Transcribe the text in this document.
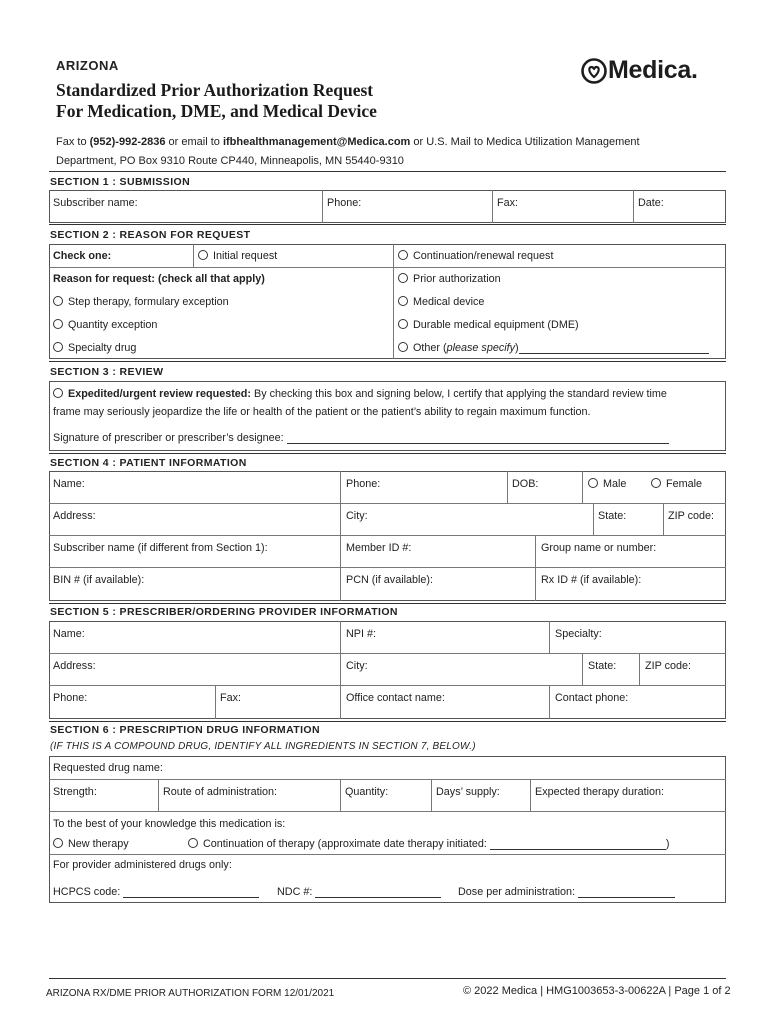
ARIZONA
Standardized Prior Authorization Request
For Medication, DME, and Medical Device
Medica.
Fax to (952)-992-2836 or email to ifbhealthmanagement@Medica.com or U.S. Mail to Medica Utilization Management
Department, PO Box 9310 Route CP440, Minneapolis, MN 55440-9310
SECTION 1 : SUBMISSION
Subscriber name:	Phone:	Fax:	Date:
SECTION 2 : REASON FOR REQUEST
Check one:	Initial request	Continuation/renewal request
Reason for request: (check all that apply)	Prior authorization
Step therapy, formulary exception	Medical device
Quantity exception	Durable medical equipment (DME)
Specialty drug	Other (please specify)
SECTION 3 : REVIEW
Expedited/urgent review requested: By checking this box and signing below, I certify that applying the standard review time
frame may seriously jeopardize the life or health of the patient or the patient’s ability to regain maximum function.
Signature of prescriber or prescriber’s designee:
SECTION 4 : PATIENT INFORMATION
Name:	Phone:	DOB:	Male	Female
Address:	City:	State:	ZIP code:
Subscriber name (if different from Section 1):	Member ID #:	Group name or number:
BIN # (if available):	PCN (if available):	Rx ID # (if available):
SECTION 5 : PRESCRIBER/ORDERING PROVIDER INFORMATION
Name:	NPI #:	Specialty:
Address:	City:	State:	ZIP code:
Phone:	Fax:	Office contact name:	Contact phone:
SECTION 6 : PRESCRIPTION DRUG INFORMATION
(IF THIS IS A COMPOUND DRUG, IDENTIFY ALL INGREDIENTS IN SECTION 7, BELOW.)
Requested drug name:
Strength:	Route of administration:	Quantity:	Days’ supply:	Expected therapy duration:
To the best of your knowledge this medication is:
New therapy	Continuation of therapy (approximate date therapy initiated:	)
For provider administered drugs only:
HCPCS code:	NDC #:	Dose per administration:
ARIZONA RX/DME PRIOR AUTHORIZATION FORM 12/01/2021	© 2022 Medica | HMG1003653-3-00622A | Page 1 of 2
